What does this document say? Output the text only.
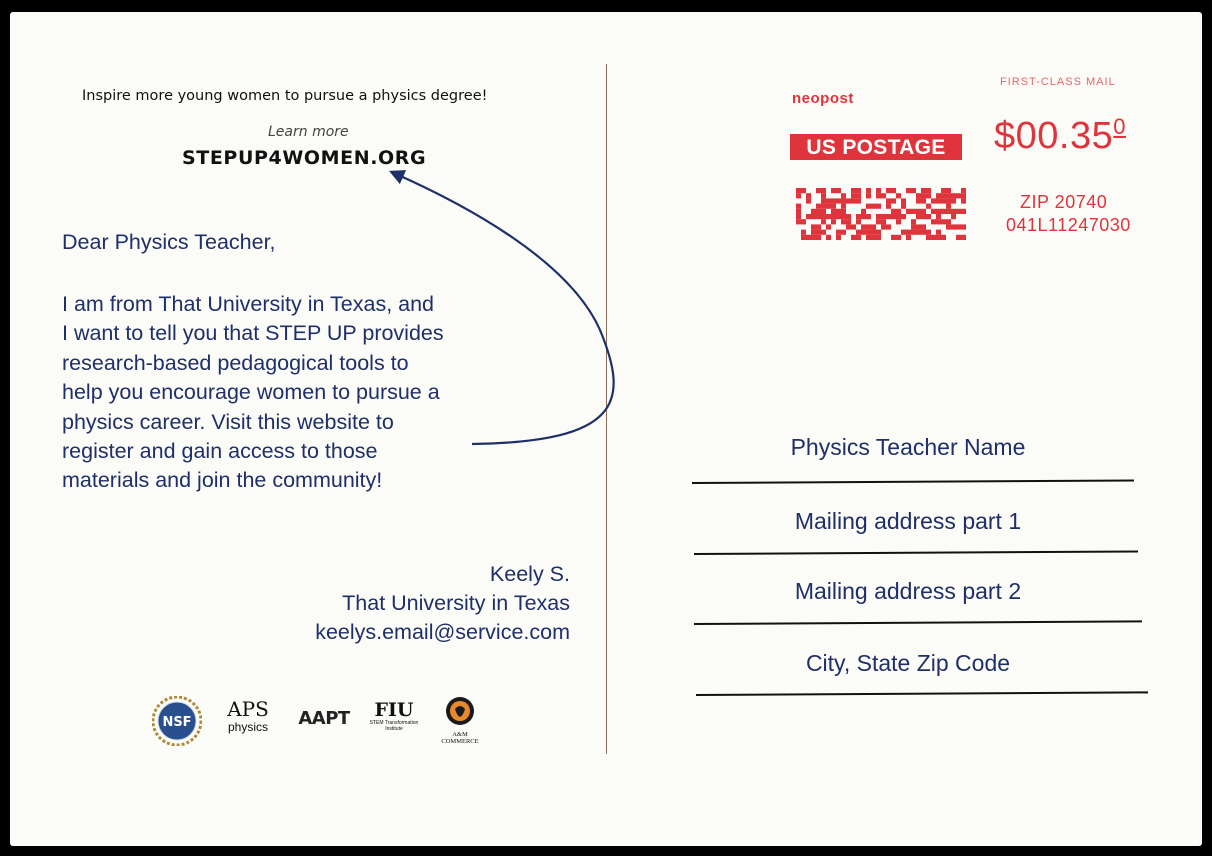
Inspire more young women to pursue a physics degree!
Learn more
STEPUP4WOMEN.ORG
Dear Physics Teacher,
I am from That University in Texas, and
I want to tell you that STEP UP provides
research-based pedagogical tools to
help you encourage women to pursue a
physics career. Visit this website to
register and gain access to those
materials and join the community!
Keely S.
That University in Texas
keelys.email@service.com
NSF
APS
physics	AAPT	FIU
STEM Transformation Institute
A&M COMMERCE
neopost
FIRST-CLASS MAIL
US POSTAGE	$00.35$^0$
ZIP 20740
041L11247030
Physics Teacher Name
Mailing address part 1
Mailing address part 2
City, State Zip Code
